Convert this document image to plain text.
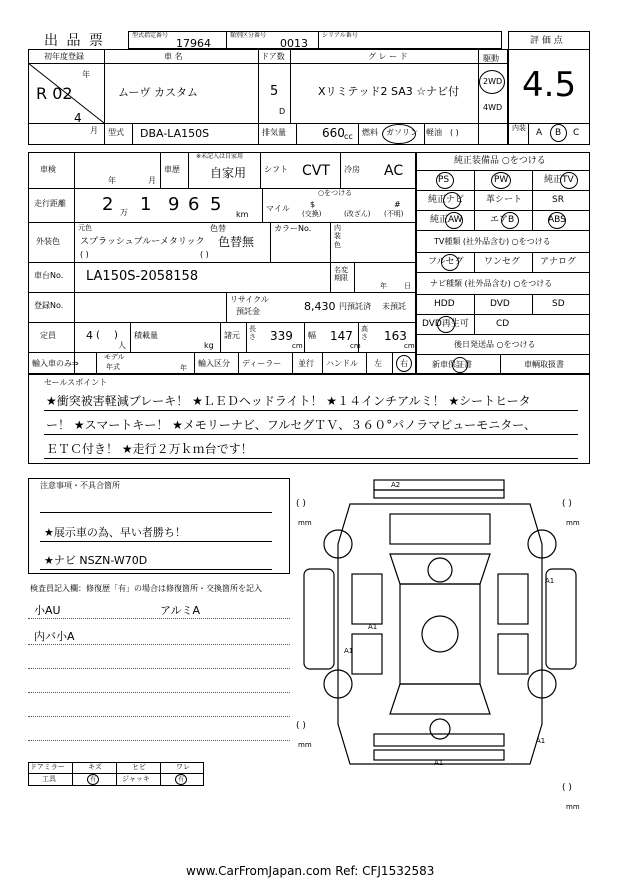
出 品 票	型式指定番号
17964
類別区分番号
0013
シリアル番号
評 価 点
4.5
初年度登録
年
R 02
4
月
車 名
ムーヴ カスタム
ドア数
5
D
グ レ ー ド
Xリミテッド2 SA3 ☆ナビ付
駆動
2WD
4WD
型式 DBA-LA150S	排気量	660 cc 燃料 ガソリン 軽油 ( )	内装 A B C
車検
年	月
車歴
※未記入は自家用
自家用 シフト CVT 冷房 AC
走行距離 2 万 1 9 6 5 km
マイル
○をつける
$
(交換)
#
(不明)
(改ざん)
外装色
元色
スプラッシュブルーメタリック
( )
色替
色替無
( )
カラーNo.	内装色
車台No. LA150S-2058158	名変期限
年 日
登録No.
リサイクル
預託金	8,430 円預託済 未預託
定員	4 ( )
人
積載量
kg
諸元
長さ 339
cm
幅 147
cm
高さ 163
cm
輸入車のみ⇒
モデル
年式	年 輸入区分 ディーラー 並行 ハンドル 左 右
純正装備品 ○をつける
PS	PW	純正TV
純正ナビ 革シート	SR
純正AW	エアB	ABS
TV種類 (社外品含む) ○をつける
フルセグ ワンセグ アナログ
ナビ種類 (社外品含む) ○をつける
HDD	DVD	SD
DVD再生可	CD
後日発送品 ○をつける
新車保証書	車輌取扱書
セールスポイント
★衝突被害軽減ブレーキ！ ★ＬＥＤヘッドライト！ ★１４インチアルミ！ ★シートヒータ
ー！ ★スマートキー！ ★メモリーナビ、フルセグＴＶ、３６０°パノラマビューモニター、
ＥＴＣ付き！ ★走行２万ｋｍ台です！
注意事項・不具合箇所
★展示車の為、早い者勝ち！
★ナビ NSZN-W70D
検査員記入欄：修復歴「有」の場合は修復箇所・交換箇所を記入
小AU	アルミA
内バ小A
ドアミラー	キズ	ヒビ	ワレ
工具	有	ジャッキ	有
A2
A1
A1
A1
A1
A1
( )
mm
( )
mm
( )
mm
( )
mm
www.CarFromJapan.com Ref: CFJ1532583
